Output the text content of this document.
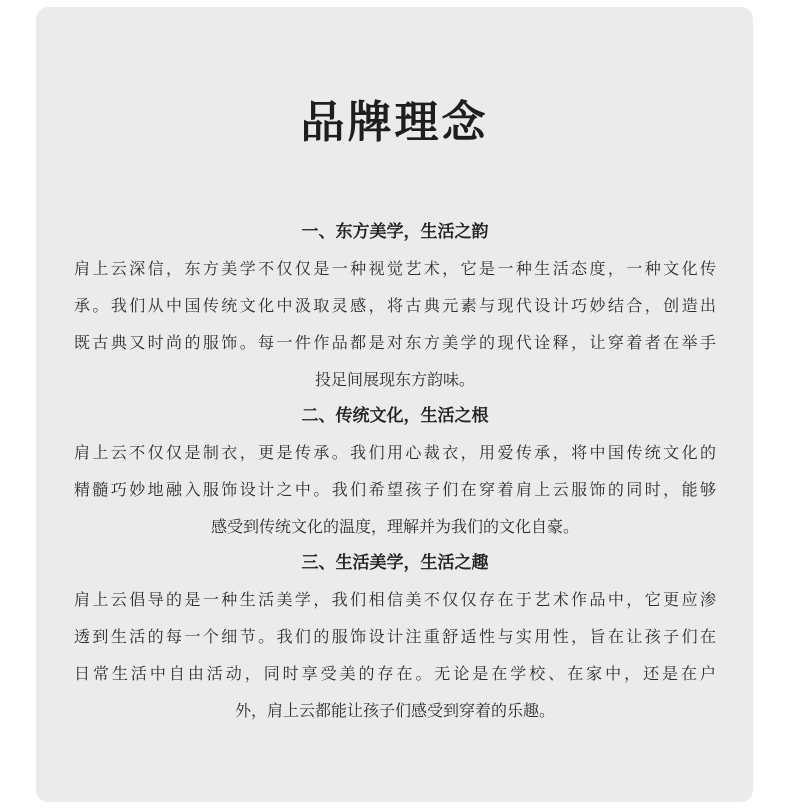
品牌理念
一、东方美学，生活之韵
肩上云深信，东方美学不仅仅是一种视觉艺术，它是一种生活态度，一种文化传
承。我们从中国传统文化中汲取灵感，将古典元素与现代设计巧妙结合，创造出
既古典又时尚的服饰。每一件作品都是对东方美学的现代诠释，让穿着者在举手
投足间展现东方韵味。
二、传统文化，生活之根
肩上云不仅仅是制衣，更是传承。我们用心裁衣，用爱传承，将中国传统文化的
精髓巧妙地融入服饰设计之中。我们希望孩子们在穿着肩上云服饰的同时，能够
感受到传统文化的温度，理解并为我们的文化自豪。
三、生活美学，生活之趣
肩上云倡导的是一种生活美学，我们相信美不仅仅存在于艺术作品中，它更应渗
透到生活的每一个细节。我们的服饰设计注重舒适性与实用性，旨在让孩子们在
日常生活中自由活动，同时享受美的存在。无论是在学校、在家中，还是在户
外，肩上云都能让孩子们感受到穿着的乐趣。
